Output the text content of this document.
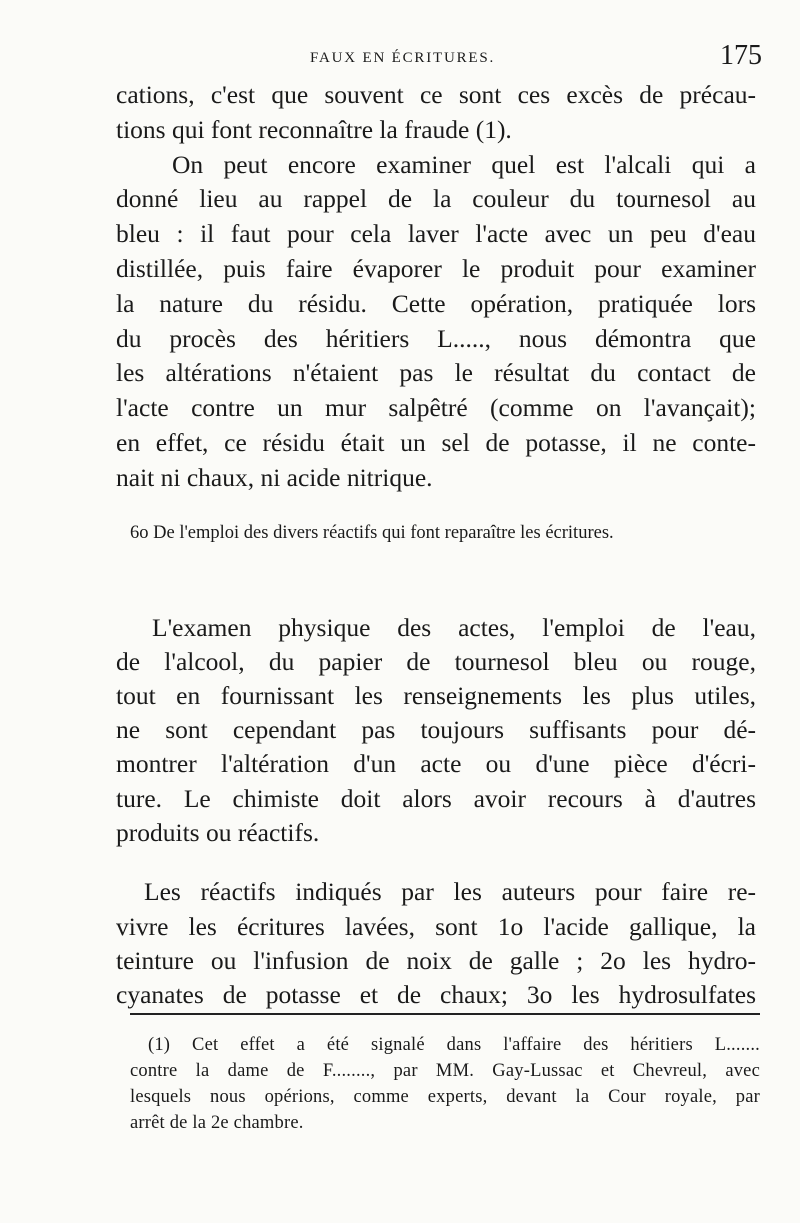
FAUX EN ÉCRITURES.	175

cations, c'est que souvent ce sont ces excès de précau-
tions qui font reconnaître la fraude (1).

On peut encore examiner quel est l'alcali qui a
donné lieu au rappel de la couleur du tournesol au
bleu : il faut pour cela laver l'acte avec un peu d'eau
distillée, puis faire évaporer le produit pour examiner
la nature du résidu. Cette opération, pratiquée lors
du procès des héritiers L....., nous démontra que
les altérations n'étaient pas le résultat du contact de
l'acte contre un mur salpêtré (comme on l'avançait);
en effet, ce résidu était un sel de potasse, il ne conte-
nait ni chaux, ni acide nitrique.

6o De l'emploi des divers réactifs qui font reparaître les écritures.

L'examen physique des actes, l'emploi de l'eau,
de l'alcool, du papier de tournesol bleu ou rouge,
tout en fournissant les renseignements les plus utiles,
ne sont cependant pas toujours suffisants pour dé-
montrer l'altération d'un acte ou d'une pièce d'écri-
ture. Le chimiste doit alors avoir recours à d'autres
produits ou réactifs.

Les réactifs indiqués par les auteurs pour faire re-
vivre les écritures lavées, sont 1o l'acide gallique, la
teinture ou l'infusion de noix de galle ; 2o les hydro-
cyanates de potasse et de chaux; 3o les hydrosulfates

(1) Cet effet a été signalé dans l'affaire des héritiers L.......
contre la dame de F........, par MM. Gay-Lussac et Chevreul, avec
lesquels nous opérions, comme experts, devant la Cour royale, par
arrêt de la 2e chambre.
